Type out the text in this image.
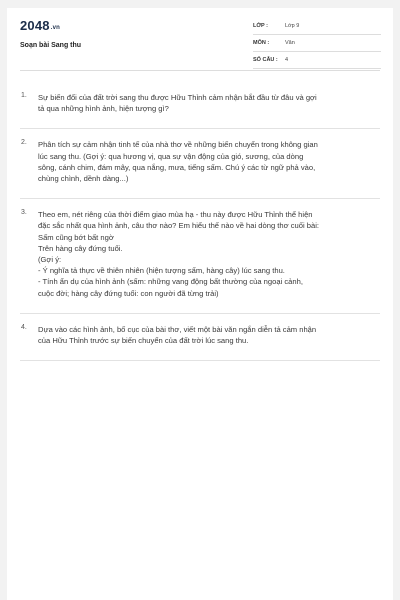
2048.vn
Soạn bài Sang thu
LỚP :	Lớp 9
MÔN :	Văn
SỐ CÂU : 4
1. Sự biến đổi của đất trời sang thu được Hữu Thỉnh cảm nhận bắt đầu từ đâu và gợi
tả qua những hình ảnh, hiện tượng gì?
2. Phân tích sự cảm nhận tinh tế của nhà thơ về những biến chuyển trong không gian
lúc sang thu. (Gợi ý: qua hương vị, qua sự vận động của gió, sương, của dòng
sông, cánh chim, đám mây, qua nắng, mưa, tiếng sấm. Chú ý các từ ngữ phả vào,
chùng chình, dềnh dàng...)
3. Theo em, nét riêng của thời điểm giao mùa hạ - thu này được Hữu Thỉnh thể hiện
đặc sắc nhất qua hình ảnh, câu thơ nào? Em hiểu thế nào về hai dòng thơ cuối bài:
Sấm cũng bớt bất ngờ
Trên hàng cây đứng tuổi.
(Gợi ý:
- Ý nghĩa tả thực về thiên nhiên (hiện tượng sấm, hàng cây) lúc sang thu.
- Tính ẩn dụ của hình ảnh (sấm: những vang động bất thường của ngoại cảnh,
cuộc đời; hàng cây đứng tuổi: con người đã từng trải)
4. Dựa vào các hình ảnh, bố cục của bài thơ, viết một bài văn ngắn diễn tả cảm nhận
của Hữu Thỉnh trước sự biến chuyển của đất trời lúc sang thu.
